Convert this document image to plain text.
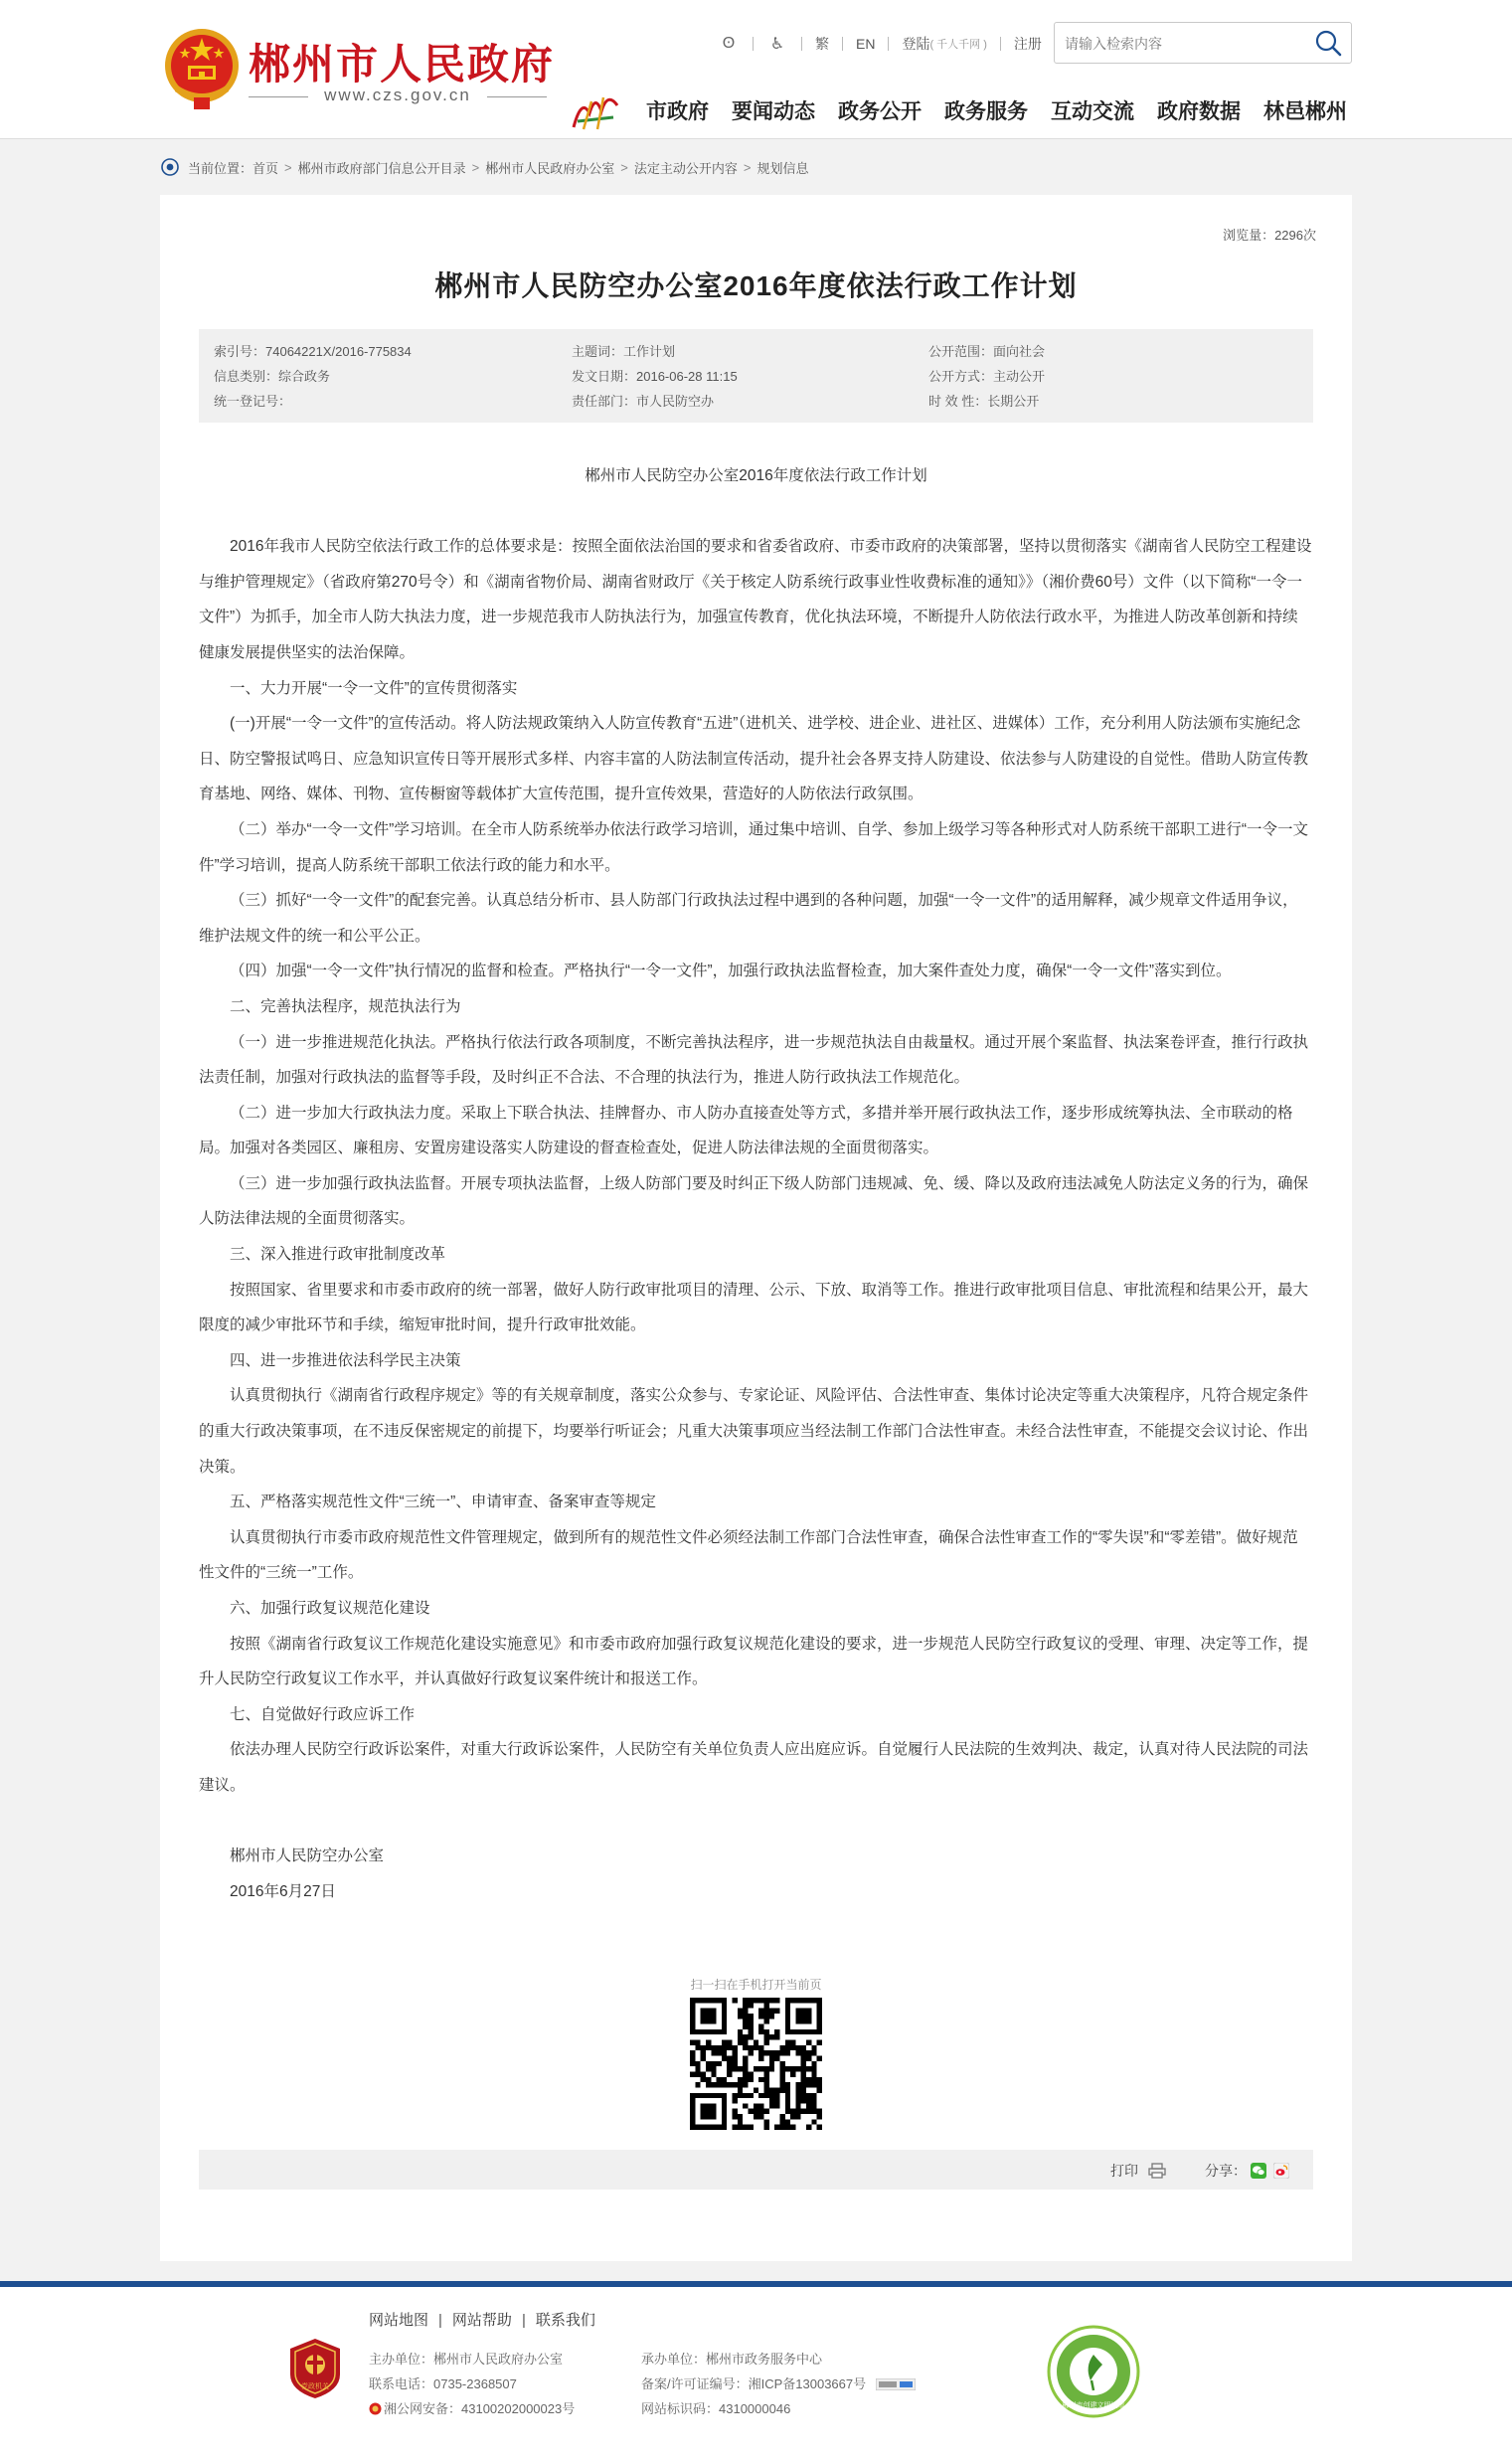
郴州市人民政府
www.czs.gov.cn
ʘ ♿ 繁 EN 登陆 ( 千人千网 ) 注册
请输入检索内容
市政府 要闻动态 政务公开 政务服务 互动交流 政府数据 林邑郴州
当前位置： 首页 > 郴州市政府部门信息公开目录 > 郴州市人民政府办公室 > 法定主动公开内容 > 规划信息
浏览量：2296次
郴州市人民防空办公室2016年度依法行政工作计划
索引号：74064221X/2016-775834
信息类别：综合政务
统一登记号：
主题词：工作计划
发文日期：2016-06-28 11:15
责任部门：市人民防空办
公开范围：面向社会
公开方式：主动公开
时 效 性：长期公开

郴州市人民防空办公室2016年度依法行政工作计划

2016年我市人民防空依法行政工作的总体要求是：按照全面依法治国的要求和省委省政府、市委市政府的决策部署，坚持以贯彻落实《湖南省人民防空工程建设与维护管理规定》（省政府第270号令）和《湖南省物价局、湖南省财政厅《关于核定人防系统行政事业性收费标准的通知》》（湘价费60号）文件（以下简称“一令一文件”）为抓手，加全市人防大执法力度，进一步规范我市人防执法行为，加强宣传教育，优化执法环境，不断提升人防依法行政水平，为推进人防改革创新和持续健康发展提供坚实的法治保障。

一、大力开展“一令一文件”的宣传贯彻落实

(一)开展“一令一文件”的宣传活动。将人防法规政策纳入人防宣传教育“五进”（进机关、进学校、进企业、进社区、进媒体）工作，充分利用人防法颁布实施纪念日、防空警报试鸣日、应急知识宣传日等开展形式多样、内容丰富的人防法制宣传活动，提升社会各界支持人防建设、依法参与人防建设的自觉性。借助人防宣传教育基地、网络、媒体、刊物、宣传橱窗等载体扩大宣传范围，提升宣传效果，营造好的人防依法行政氛围。

（二）举办“一令一文件”学习培训。在全市人防系统举办依法行政学习培训，通过集中培训、自学、参加上级学习等各种形式对人防系统干部职工进行“一令一文件”学习培训，提高人防系统干部职工依法行政的能力和水平。

（三）抓好“一令一文件”的配套完善。认真总结分析市、县人防部门行政执法过程中遇到的各种问题，加强“一令一文件”的适用解释，减少规章文件适用争议，维护法规文件的统一和公平公正。

（四）加强“一令一文件”执行情况的监督和检查。严格执行“一令一文件”，加强行政执法监督检查，加大案件查处力度，确保“一令一文件”落实到位。

二、完善执法程序，规范执法行为

（一）进一步推进规范化执法。严格执行依法行政各项制度，不断完善执法程序，进一步规范执法自由裁量权。通过开展个案监督、执法案卷评查，推行行政执法责任制，加强对行政执法的监督等手段，及时纠正不合法、不合理的执法行为，推进人防行政执法工作规范化。

（二）进一步加大行政执法力度。采取上下联合执法、挂牌督办、市人防办直接查处等方式，多措并举开展行政执法工作，逐步形成统筹执法、全市联动的格局。加强对各类园区、廉租房、安置房建设落实人防建设的督查检查处，促进人防法律法规的全面贯彻落实。

（三）进一步加强行政执法监督。开展专项执法监督，上级人防部门要及时纠正下级人防部门违规减、免、缓、降以及政府违法减免人防法定义务的行为，确保人防法律法规的全面贯彻落实。

三、深入推进行政审批制度改革

按照国家、省里要求和市委市政府的统一部署，做好人防行政审批项目的清理、公示、下放、取消等工作。推进行政审批项目信息、审批流程和结果公开，最大限度的减少审批环节和手续，缩短审批时间，提升行政审批效能。

四、进一步推进依法科学民主决策

认真贯彻执行《湖南省行政程序规定》等的有关规章制度，落实公众参与、专家论证、风险评估、合法性审查、集体讨论决定等重大决策程序，凡符合规定条件的重大行政决策事项，在不违反保密规定的前提下，均要举行听证会；凡重大决策事项应当经法制工作部门合法性审查。未经合法性审查，不能提交会议讨论、作出决策。

五、严格落实规范性文件“三统一”、申请审查、备案审查等规定

认真贯彻执行市委市政府规范性文件管理规定，做到所有的规范性文件必须经法制工作部门合法性审查，确保合法性审查工作的“零失误”和“零差错”。做好规范性文件的“三统一”工作。

六、加强行政复议规范化建设

按照《湖南省行政复议工作规范化建设实施意见》和市委市政府加强行政复议规范化建设的要求，进一步规范人民防空行政复议的受理、审理、决定等工作，提升人民防空行政复议工作水平，并认真做好行政复议案件统计和报送工作。

七、自觉做好行政应诉工作

依法办理人民防空行政诉讼案件，对重大行政诉讼案件，人民防空有关单位负责人应出庭应诉。自觉履行人民法院的生效判决、裁定，认真对待人民法院的司法建议。

郴州市人民防空办公室

2016年6月27日

扫一扫在手机打开当前页
打印	分享：
党政机关
网站地图 | 网站帮助 | 联系我们
主办单位：郴州市人民政府办公室
联系电话：0735-2368507
湘公网安备：43100202000023号
承办单位：郴州市政务服务中心
备案/许可证编号：湘ICP备13003667号
网站标识码：4310000046	郴州市创建文明城市
